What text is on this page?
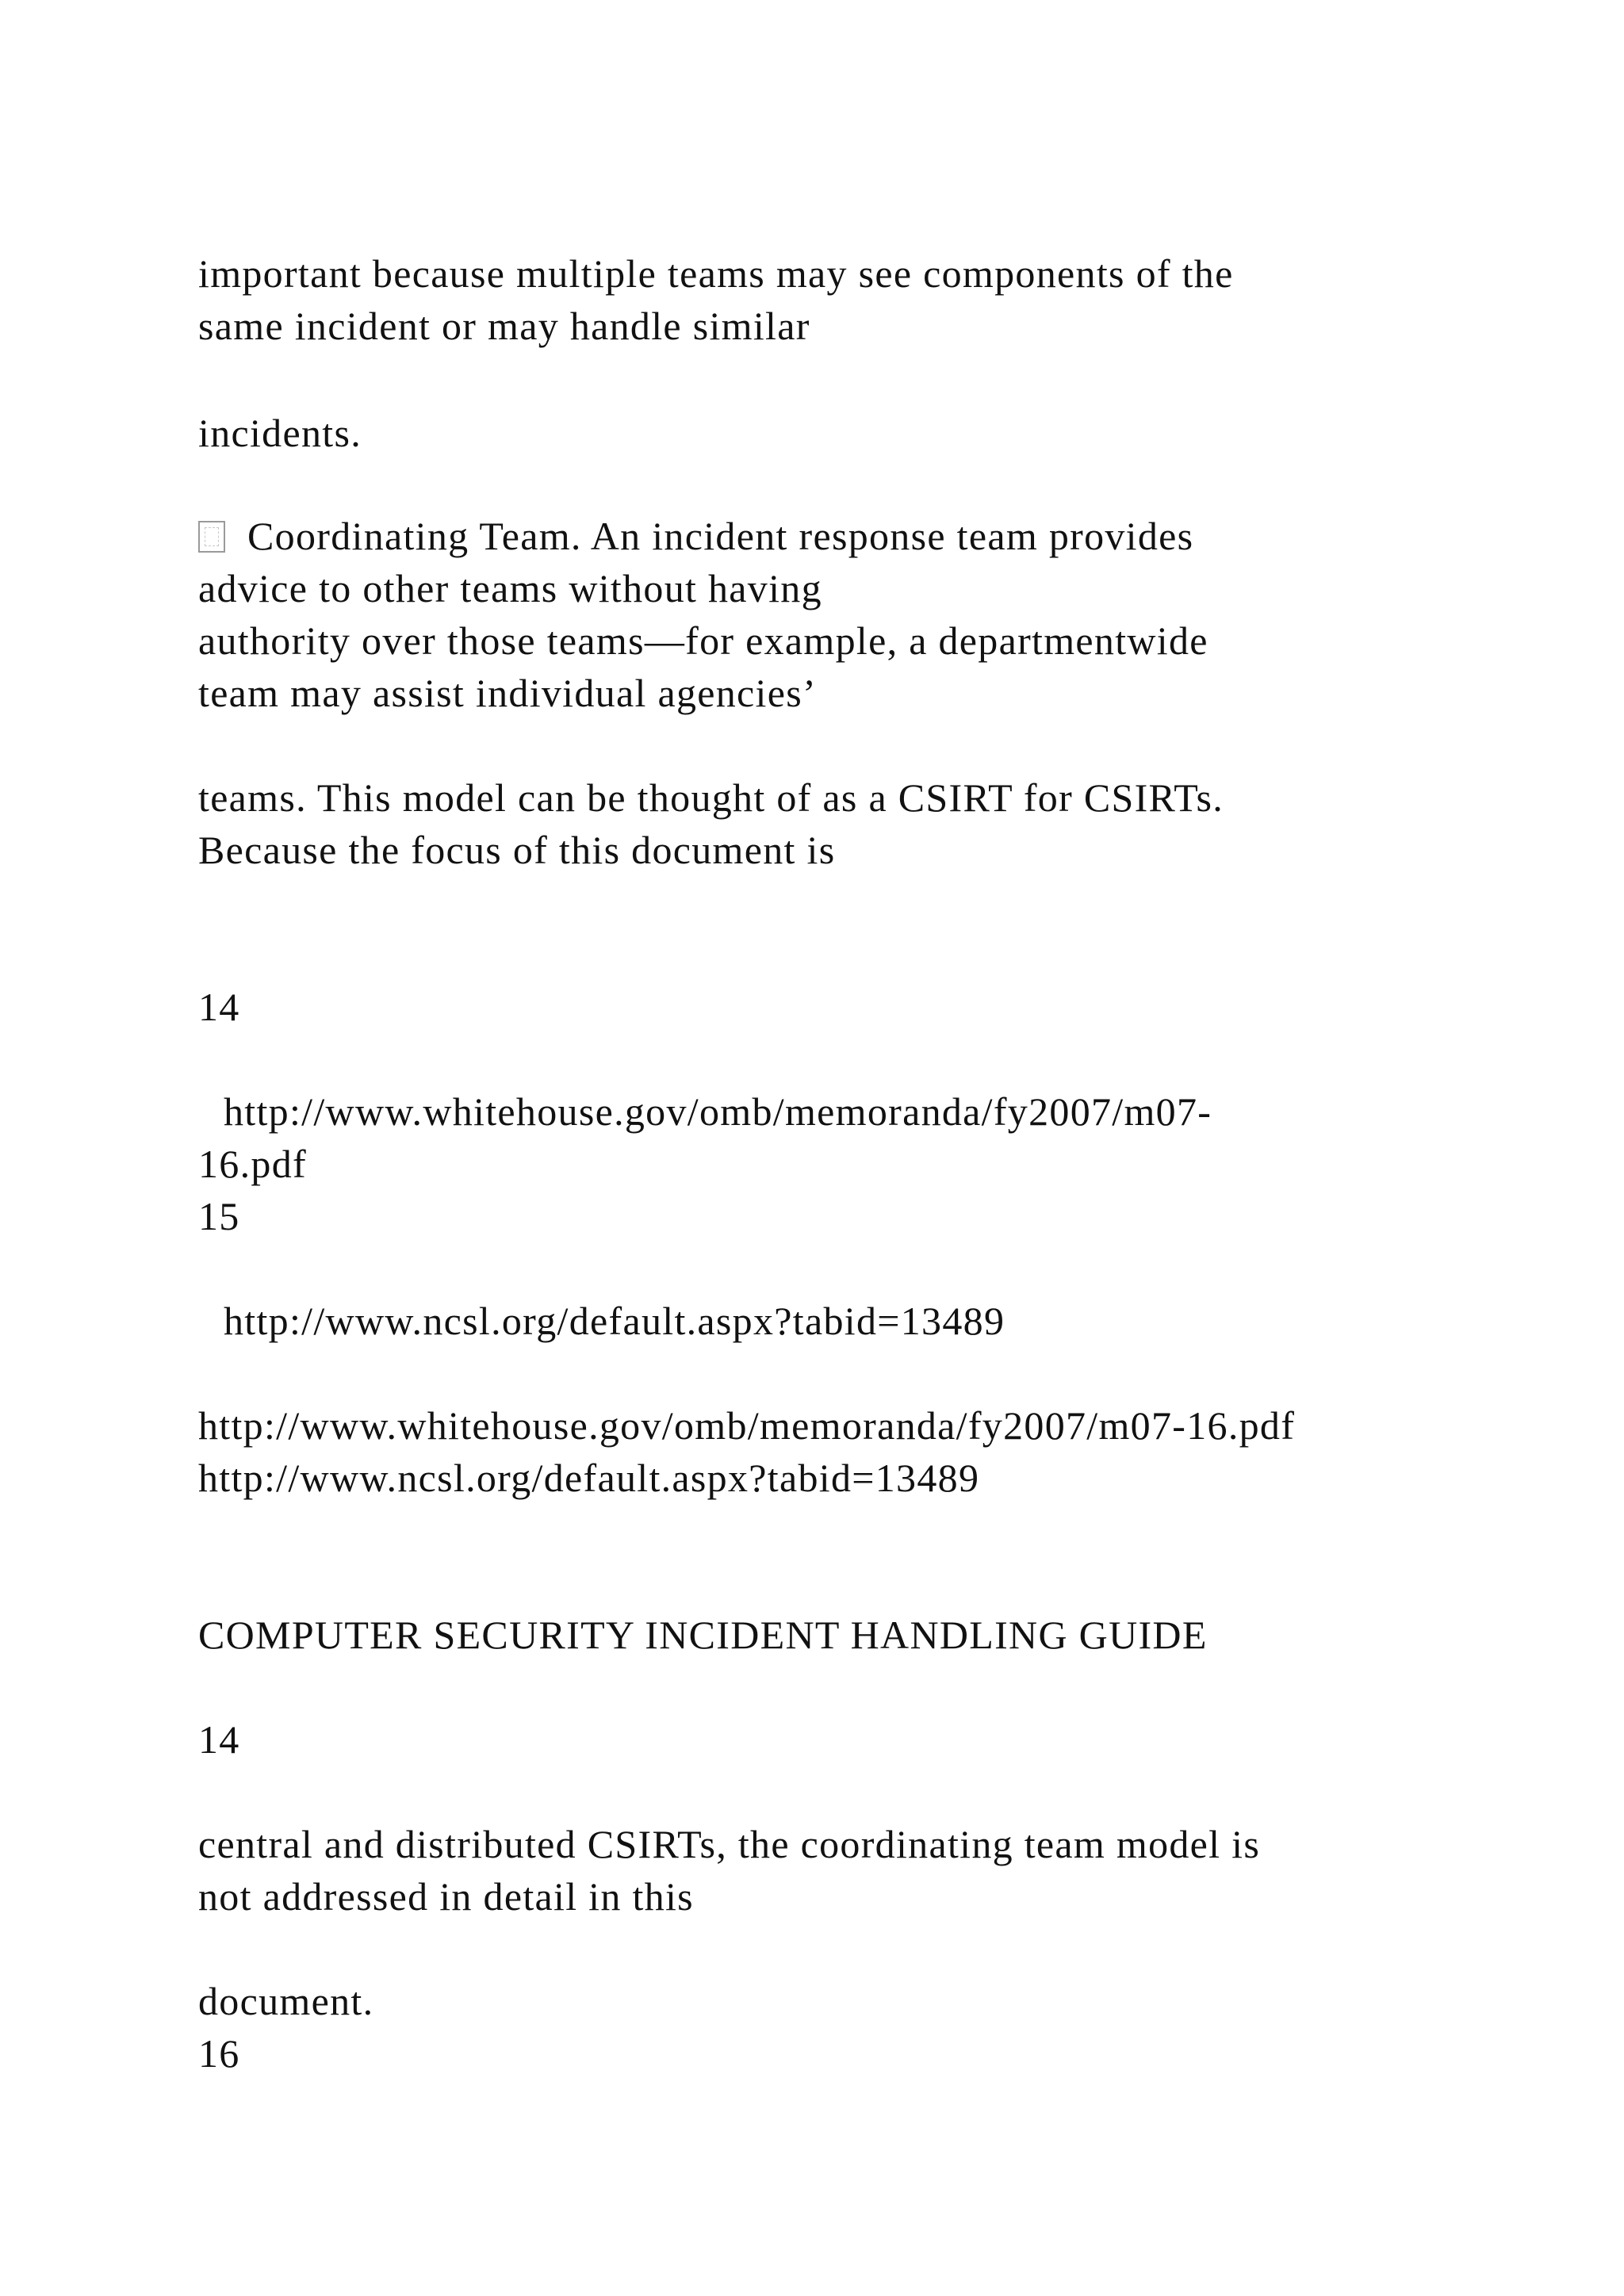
important because multiple teams may see components of the

same incident or may handle similar

incidents.

Coordinating Team. An incident response team provides

advice to other teams without having

authority over those teams—for example, a departmentwide

team may assist individual agencies’

teams. This model can be thought of as a CSIRT for CSIRTs.

Because the focus of this document is

14

http://www.whitehouse.gov/omb/memoranda/fy2007/m07-

16.pdf

15

http://www.ncsl.org/default.aspx?tabid=13489

http://www.whitehouse.gov/omb/memoranda/fy2007/m07-16.pdf

http://www.ncsl.org/default.aspx?tabid=13489

COMPUTER SECURITY INCIDENT HANDLING GUIDE

14

central and distributed CSIRTs, the coordinating team model is

not addressed in detail in this

document.

16
